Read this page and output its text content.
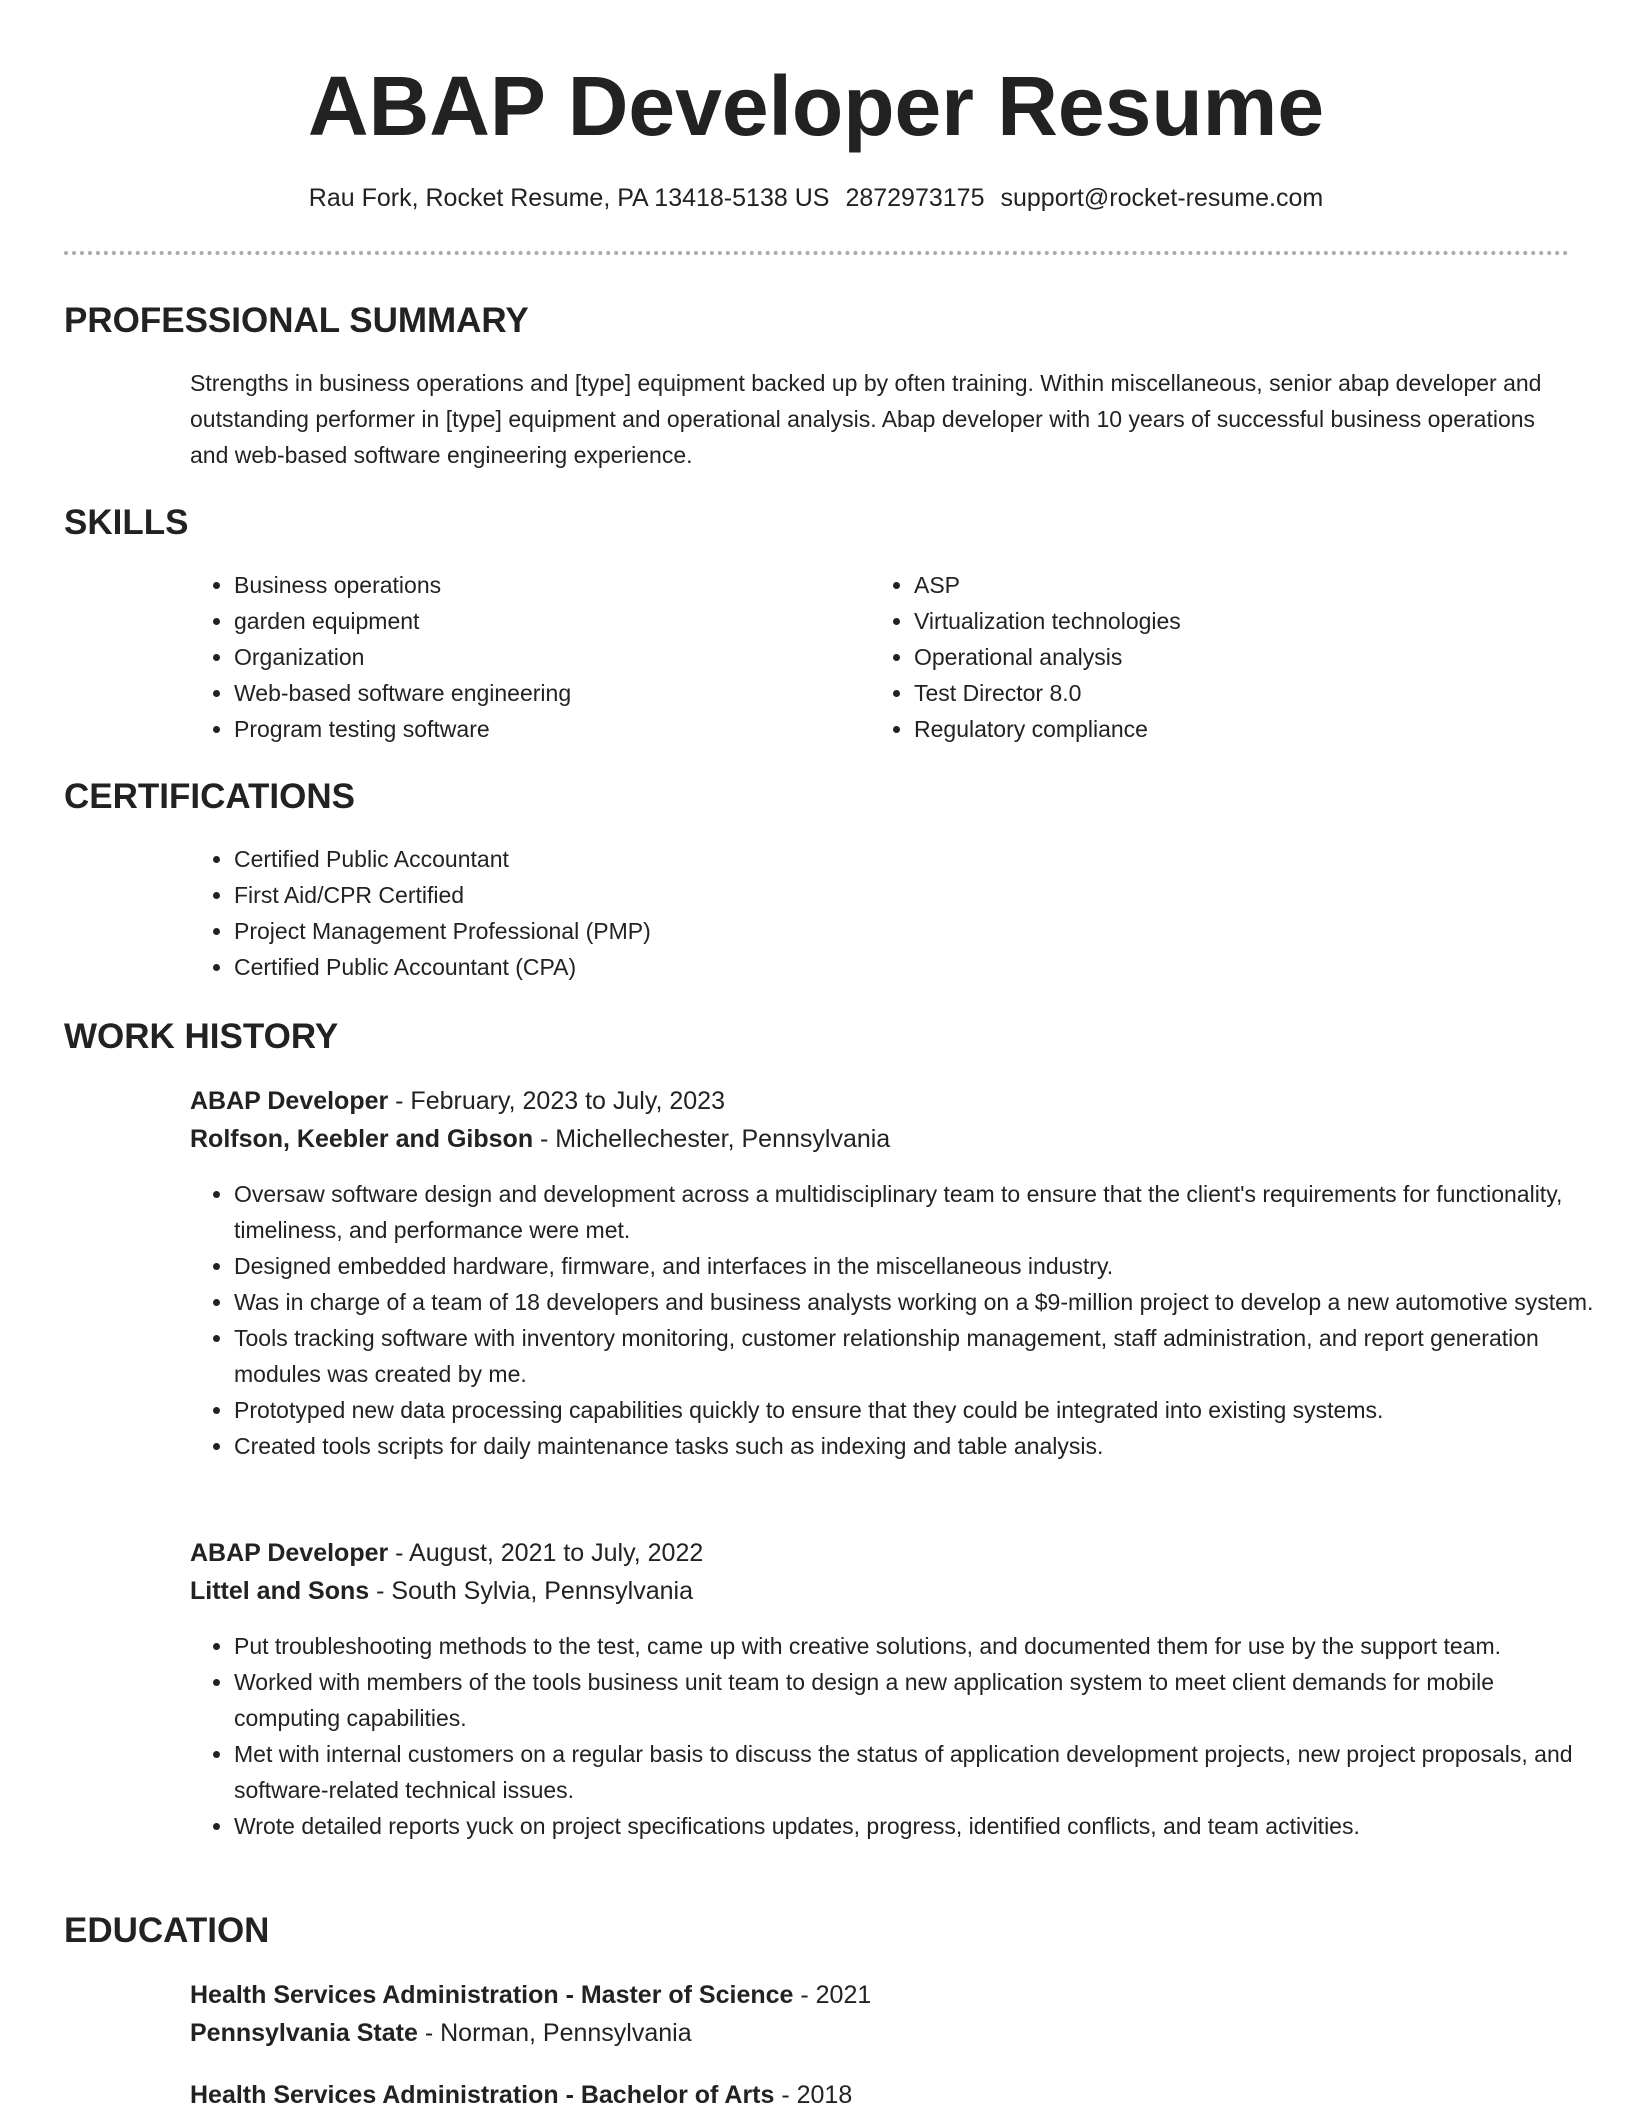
ABAP Developer Resume
Rau Fork, Rocket Resume, PA 13418-5138 US 2872973175 support@rocket-resume.com
PROFESSIONAL SUMMARY

Strengths in business operations and [type] equipment backed up by often training. Within miscellaneous, senior abap developer and outstanding performer in [type] equipment and operational analysis. Abap developer with 10 years of successful business operations and web-based software engineering experience.

SKILLS
• Business operations
• garden equipment
• Organization
• Web-based software engineering
• Program testing software
• ASP
• Virtualization technologies
• Operational analysis
• Test Director 8.0
• Regulatory compliance
CERTIFICATIONS
• Certified Public Accountant
• First Aid/CPR Certified
• Project Management Professional (PMP)
• Certified Public Accountant (CPA)
WORK HISTORY
ABAP Developer - February, 2023 to July, 2023
Rolfson, Keebler and Gibson - Michellechester, Pennsylvania
• Oversaw software design and development across a multidisciplinary team to ensure that the client's requirements for functionality, timeliness, and performance were met.
• Designed embedded hardware, firmware, and interfaces in the miscellaneous industry.
• Was in charge of a team of 18 developers and business analysts working on a $9-million project to develop a new automotive system.
• Tools tracking software with inventory monitoring, customer relationship management, staff administration, and report generation modules was created by me.
• Prototyped new data processing capabilities quickly to ensure that they could be integrated into existing systems.
• Created tools scripts for daily maintenance tasks such as indexing and table analysis.
ABAP Developer - August, 2021 to July, 2022
Littel and Sons - South Sylvia, Pennsylvania
• Put troubleshooting methods to the test, came up with creative solutions, and documented them for use by the support team.
• Worked with members of the tools business unit team to design a new application system to meet client demands for mobile computing capabilities.
• Met with internal customers on a regular basis to discuss the status of application development projects, new project proposals, and software-related technical issues.
• Wrote detailed reports yuck on project specifications updates, progress, identified conflicts, and team activities.
EDUCATION
Health Services Administration - Master of Science - 2021
Pennsylvania State - Norman, Pennsylvania
Health Services Administration - Bachelor of Arts - 2018
